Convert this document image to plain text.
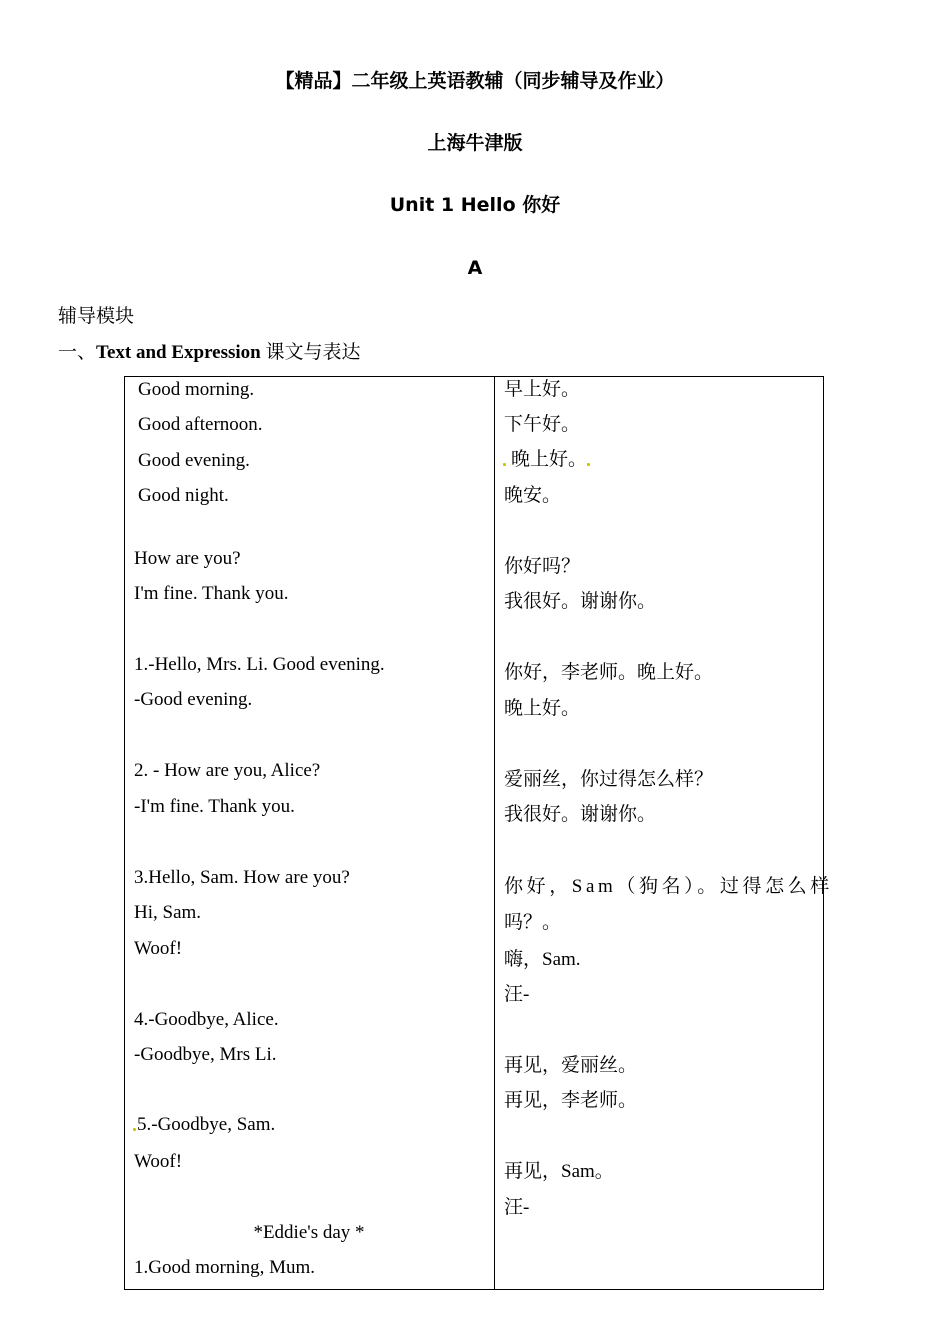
【精品】二年级上英语教辅（同步辅导及作业）
上海牛津版
Unit 1 Hello 你好
A
辅导模块
一、Text and Expression 课文与表达
Good morning.
Good afternoon.
Good evening.
Good night.
How are you?
I'm fine. Thank you.
1.-Hello, Mrs. Li. Good evening.
-Good evening.
2. - How are you, Alice?
-I'm fine. Thank you.
3.Hello, Sam. How are you?
Hi, Sam.
Woof!
4.-Goodbye, Alice.
-Goodbye, Mrs Li.
5.-Goodbye, Sam.
Woof!
*Eddie's day *
1.Good morning, Mum.
早上好。
下午好。
晚上好。
晚安。
你好吗？
我很好。谢谢你。
你好，李老师。晚上好。
晚上好。
爱丽丝，你过得怎么样？
我很好。谢谢你。
你好，Sam（狗名）。过得怎么样
吗？。
嗨，Sam.
汪-
再见，爱丽丝。
再见，李老师。
再见，Sam。
汪-
